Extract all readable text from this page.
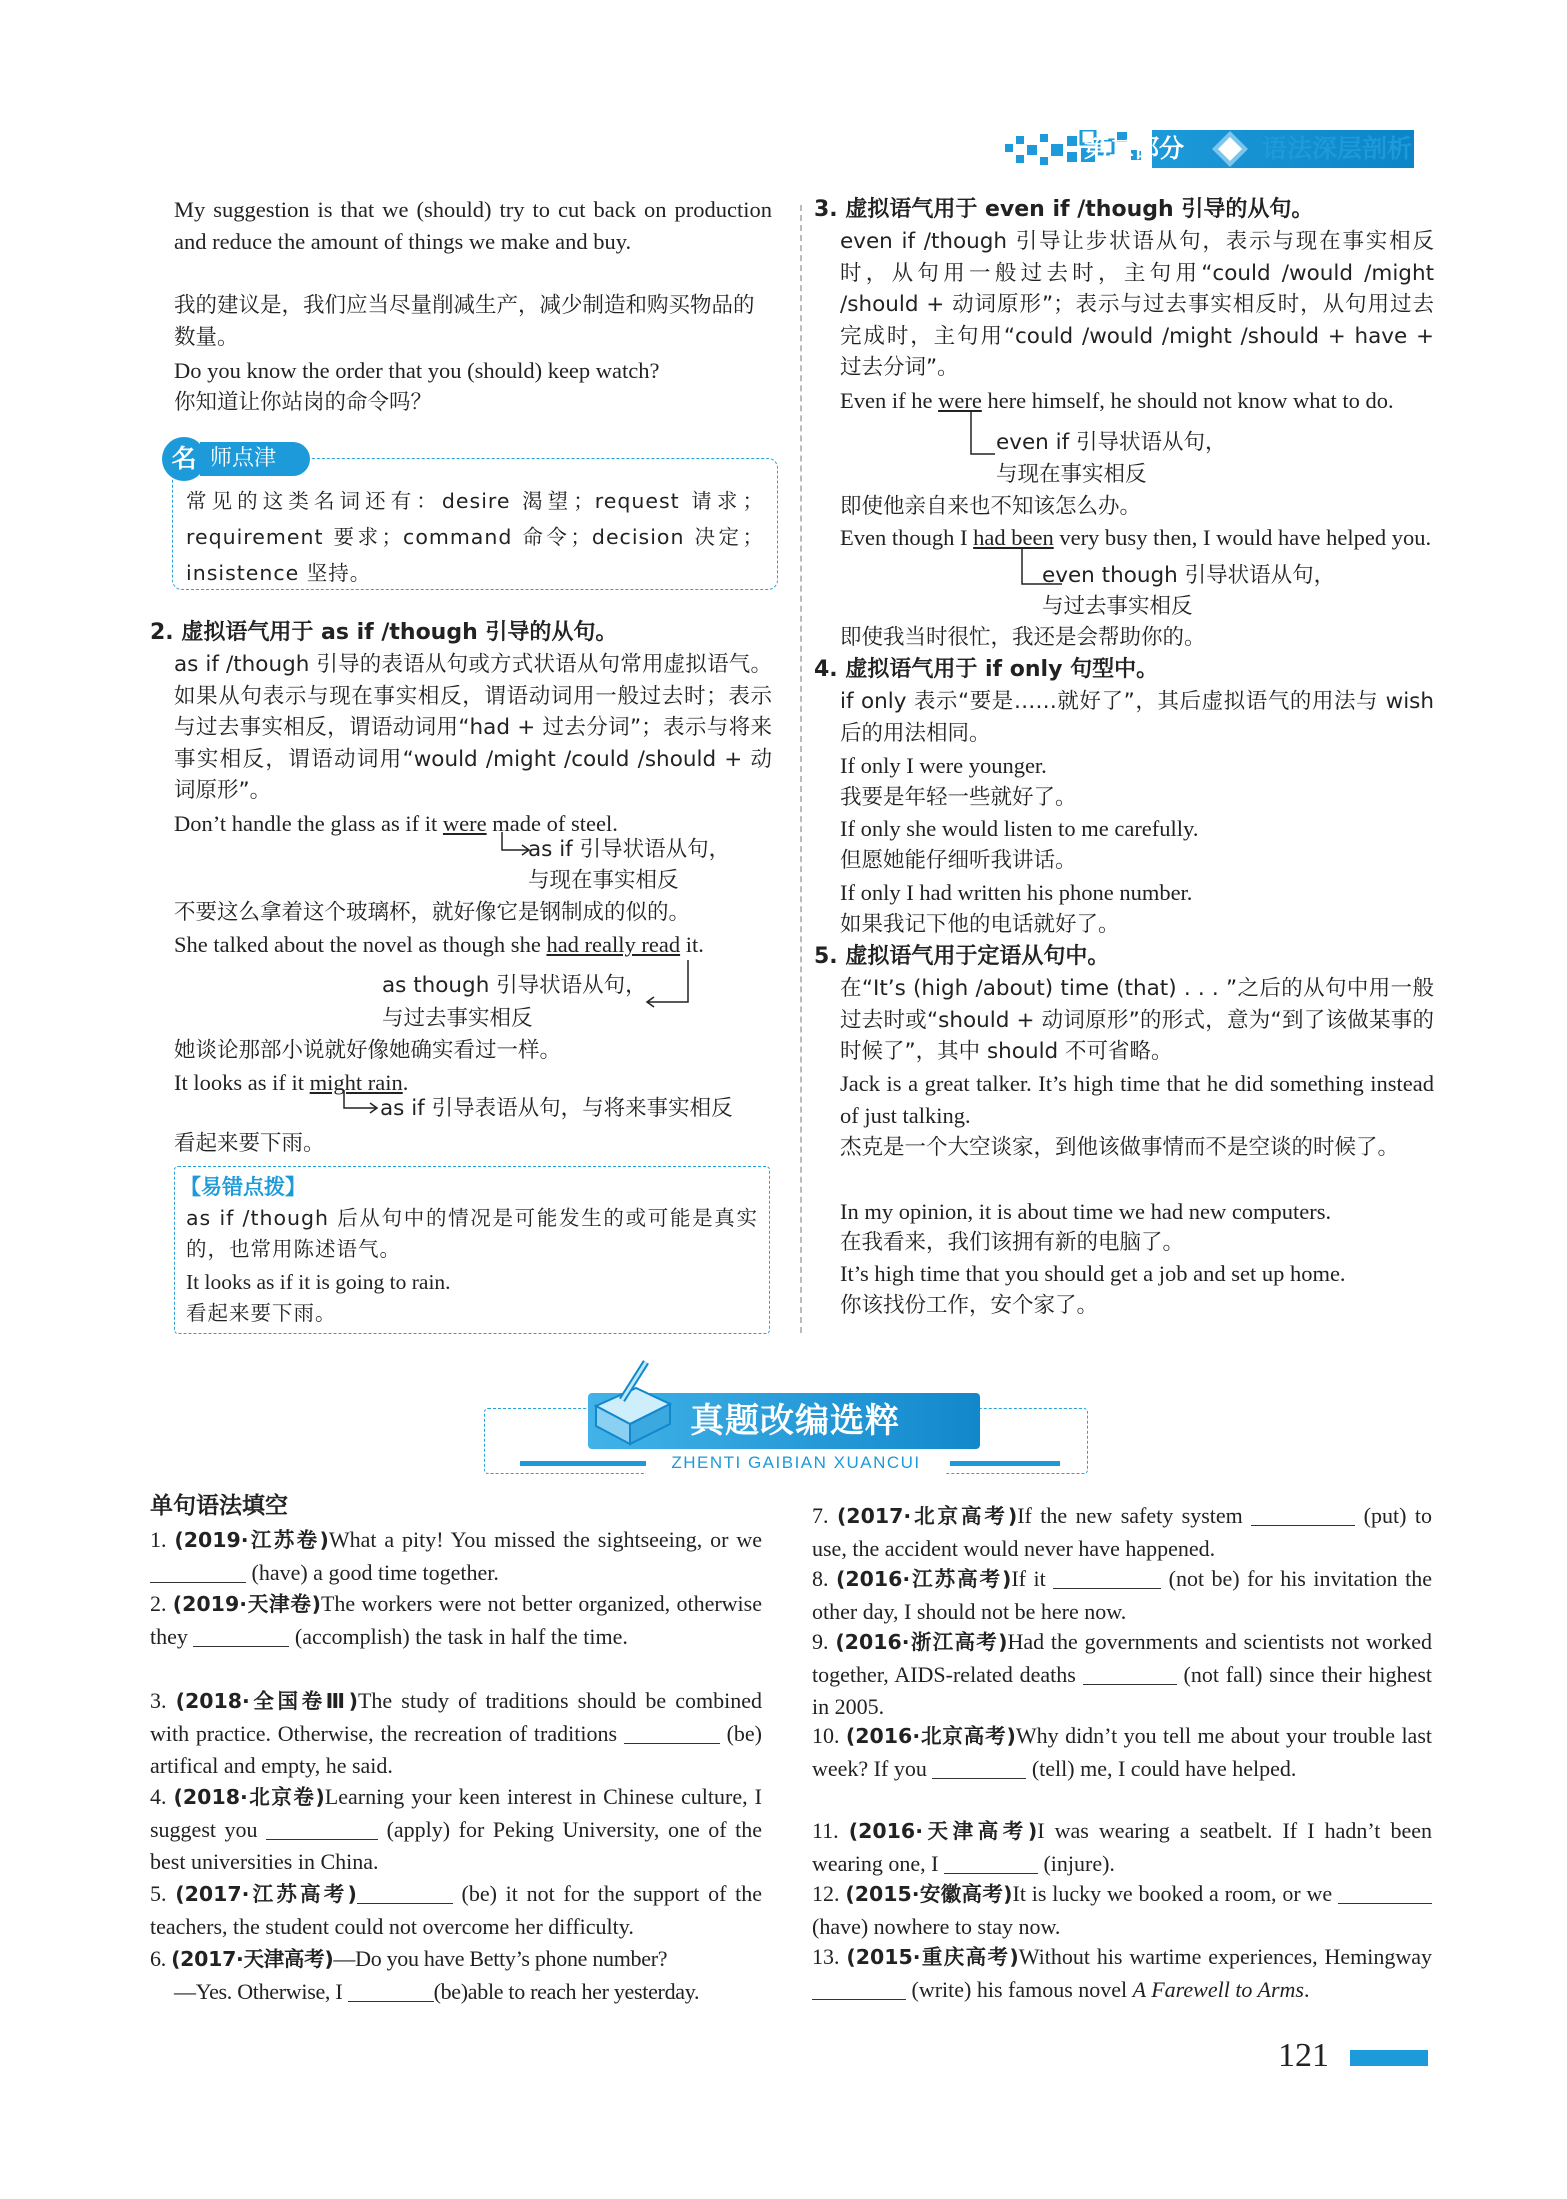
第二部分	语法深层剖析
My suggestion is that we (should) try to cut back on production and reduce the amount of things we make and buy.
我的建议是，我们应当尽量削减生产，减少制造和购买物品的数量。
Do you know the order that you (should) keep watch?
你知道让你站岗的命令吗？
名 师点津
常见的这类名词还有：desire 渴望；request 请求；requirement 要求；command 命令；decision 决定；insistence 坚持。
2. 虚拟语气用于 as if /though 引导的从句。
as if /though 引导的表语从句或方式状语从句常用虚拟语气。如果从句表示与现在事实相反，谓语动词用一般过去时；表示与过去事实相反，谓语动词用“had + 过去分词”；表示与将来事实相反，谓语动词用“would /might /could /should + 动词原形”。
Don’t handle the glass as if it were made of steel.
as if 引导状语从句，
与现在事实相反
不要这么拿着这个玻璃杯，就好像它是钢制成的似的。
She talked about the novel as though she had really read it.
as though 引导状语从句，
与过去事实相反
她谈论那部小说就好像她确实看过一样。
It looks as if it might rain.
as if 引导表语从句，与将来事实相反
看起来要下雨。
【易错点拨】
as if /though 后从句中的情况是可能发生的或可能是真实的，也常用陈述语气。
It looks as if it is going to rain.
看起来要下雨。
3. 虚拟语气用于 even if /though 引导的从句。
even if /though 引导让步状语从句，表示与现在事实相反时，从句用一般过去时，主句用“could /would /might /should + 动词原形”；表示与过去事实相反时，从句用过去完成时，主句用“could /would /might /should + have + 过去分词”。
Even if he were here himself, he should not know what to do.
even if 引导状语从句，
与现在事实相反
即使他亲自来也不知该怎么办。
Even though I had been very busy then, I would have helped you.
even though 引导状语从句，
与过去事实相反
即使我当时很忙，我还是会帮助你的。
4. 虚拟语气用于 if only 句型中。
if only 表示“要是……就好了”，其后虚拟语气的用法与 wish 后的用法相同。
If only I were younger.
我要是年轻一些就好了。
If only she would listen to me carefully.
但愿她能仔细听我讲话。
If only I had written his phone number.
如果我记下他的电话就好了。
5. 虚拟语气用于定语从句中。
在“It’s (high /about) time (that) . . . ”之后的从句中用一般过去时或“should + 动词原形”的形式，意为“到了该做某事的时候了”，其中 should 不可省略。
Jack is a great talker. It’s high time that he did something instead of just talking.
杰克是一个大空谈家，到他该做事情而不是空谈的时候了。
In my opinion, it is about time we had new computers.
在我看来，我们该拥有新的电脑了。
It’s high time that you should get a job and set up home.
你该找份工作，安个家了。
真题改编选粹
ZHENTI GAIBIAN XUANCUI
单句语法填空
1. (2019·江苏卷)What a pity! You missed the sightseeing, or we  (have) a good time together.
2. (2019·天津卷)The workers were not better organized, otherwise they	(accomplish) the task in half the time.
3. (2018·全国卷Ⅲ)The study of traditions should be combined with practice. Otherwise, the recreation of traditions	(be) artifical and empty, he said.
4. (2018·北京卷)Learning your keen interest in Chinese culture, I suggest you	(apply) for Peking University, one of the best universities in China.
5. (2017·江苏高考)	(be) it not for the support of the teachers, the student could not overcome her difficulty.
6. (2017·天津高考)—Do you have Betty’s phone number?
—Yes. Otherwise, I	(be)able to reach her yesterday.
7. (2017·北京高考)If the new safety system	(put) to use, the accident would never have happened.
8. (2016·江苏高考)If it	(not be) for his invitation the other day, I should not be here now.
9. (2016·浙江高考)Had the governments and scientists not worked together, AIDS-related deaths	(not fall) since their highest in 2005.
10. (2016·北京高考)Why didn’t you tell me about your trouble last week? If you	(tell) me, I could have helped.
11. (2016·天津高考)I was wearing a seatbelt. If I hadn’t been wearing one, I	(injure).
12. (2015·安徽高考)It is lucky we booked a room, or we  (have) nowhere to stay now.
13. (2015·重庆高考)Without his wartime experiences, Hemingway  (write) his famous novel A Farewell to Arms.
121
